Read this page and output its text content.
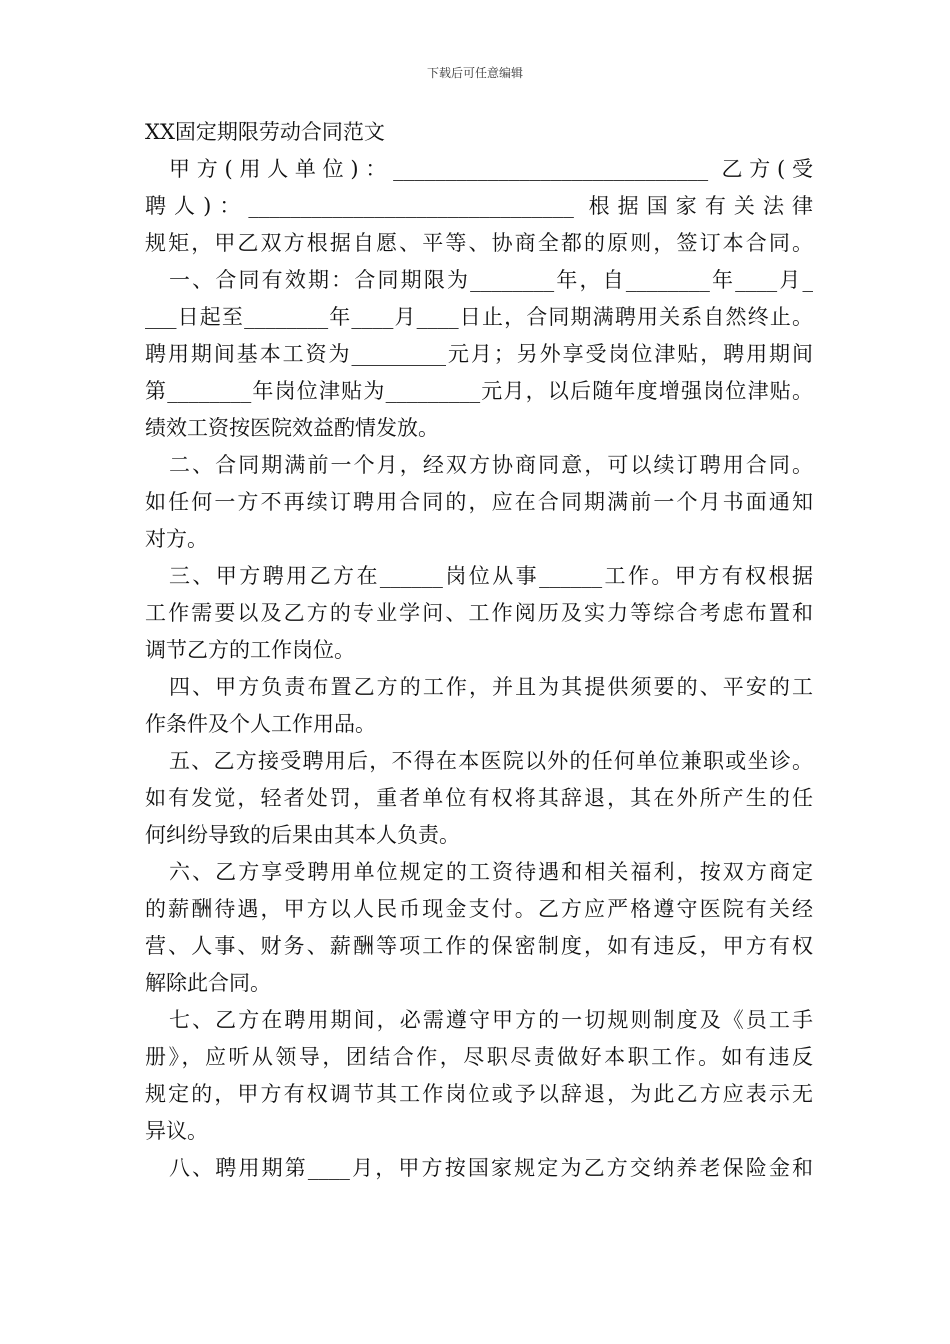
下载后可任意编辑
XX固定期限劳动合同范文
甲方(用人单位)：______________________________ 乙方(受
聘人)：_______________________________ 根据国家有关法律
规矩，甲乙双方根据自愿、平等、协商全都的原则，签订本合同。
一、合同有效期：合同期限为________年，自________年____月_
___日起至________年____月____日止，合同期满聘用关系自然终止。
聘用期间基本工资为_________元月；另外享受岗位津贴，聘用期间
第________年岗位津贴为_________元月，以后随年度增强岗位津贴。
绩效工资按医院效益酌情发放。
二、合同期满前一个月，经双方协商同意，可以续订聘用合同。
如任何一方不再续订聘用合同的，应在合同期满前一个月书面通知
对方。
三、甲方聘用乙方在______岗位从事______工作。甲方有权根据
工作需要以及乙方的专业学问、工作阅历及实力等综合考虑布置和
调节乙方的工作岗位。
四、甲方负责布置乙方的工作，并且为其提供须要的、平安的工
作条件及个人工作用品。
五、乙方接受聘用后，不得在本医院以外的任何单位兼职或坐诊。
如有发觉，轻者处罚，重者单位有权将其辞退，其在外所产生的任
何纠纷导致的后果由其本人负责。
六、乙方享受聘用单位规定的工资待遇和相关福利，按双方商定
的薪酬待遇，甲方以人民币现金支付。乙方应严格遵守医院有关经
营、人事、财务、薪酬等项工作的保密制度，如有违反，甲方有权
解除此合同。
七、乙方在聘用期间，必需遵守甲方的一切规则制度及《员工手
册》，应听从领导，团结合作，尽职尽责做好本职工作。如有违反
规定的，甲方有权调节其工作岗位或予以辞退，为此乙方应表示无
异议。
八、聘用期第____月，甲方按国家规定为乙方交纳养老保险金和
